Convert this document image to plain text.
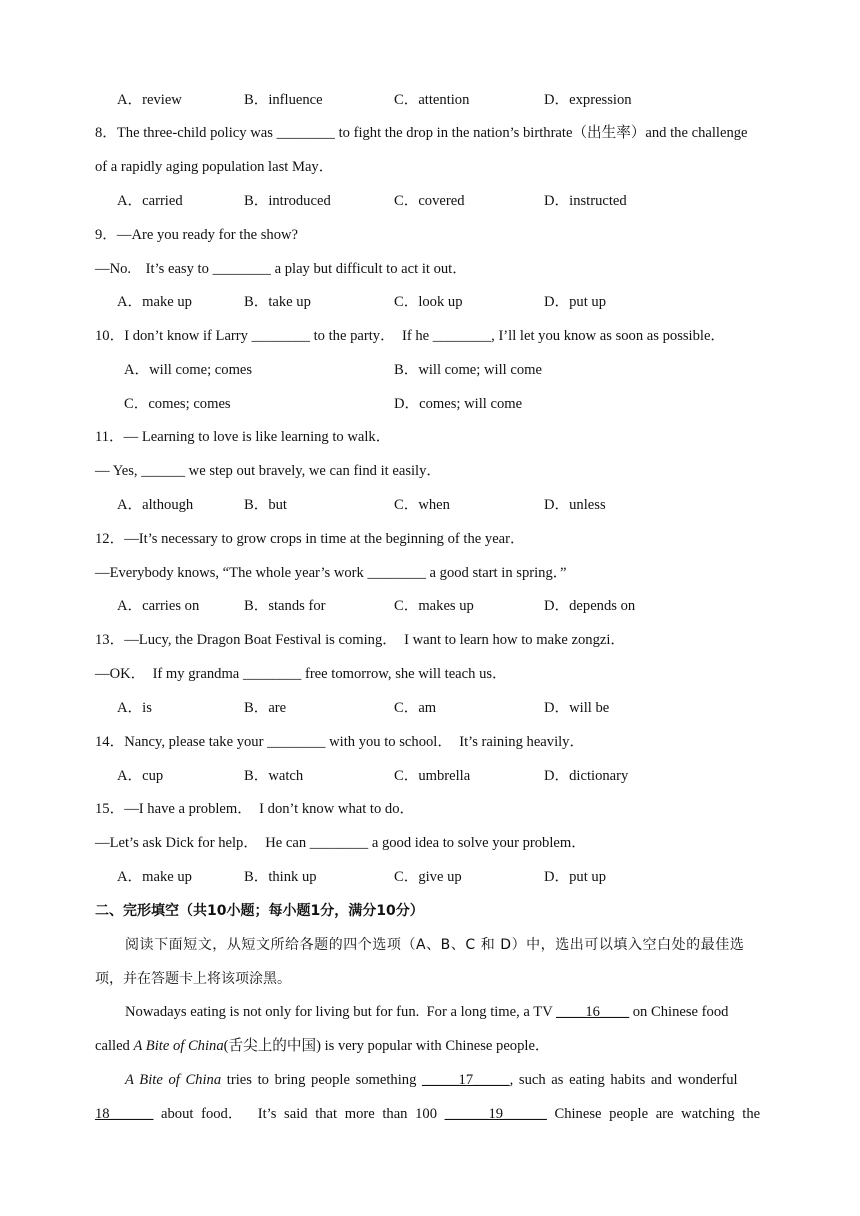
A．review	B．influence	C．attention	D．expression
8．The three-child policy was ________ to fight the drop in the nation’s birthrate（出生率）and the challenge
of a rapidly aging population last May．
A．carried	B．introduced	C．covered	D．instructed
9．—Are you ready for the show?
—No.    It’s easy to ________ a play but difficult to act it out．
A．make up	B．take up	C．look up	D．put up
10．I don’t know if Larry ________ to the party．  If he ________, I’ll let you know as soon as possible．
A．will come; comes	B．will come; will come
C．comes; comes	D．comes; will come
11．— Learning to love is like learning to walk．
— Yes, ______ we step out bravely, we can find it easily．
A．although	B．but	C．when	D．unless
12．—It’s necessary to grow crops in time at the beginning of the year．
—Everybody knows, “The whole year’s work ________ a good start in spring．”
A．carries on	B．stands for	C．makes up	D．depends on
13．—Lucy, the Dragon Boat Festival is coming．  I want to learn how to make zongzi．
—OK．  If my grandma ________ free tomorrow, she will teach us．
A．is	B．are	C．am	D．will be
14．Nancy, please take your ________ with you to school．  It’s raining heavily．
A．cup	B．watch	C．umbrella	D．dictionary
15．—I have a problem．  I don’t know what to do．
—Let’s ask Dick for help．  He can ________ a good idea to solve your problem．
A．make up	B．think up	C．give up	D．put up
二、完形填空（共10小题；每小题1分，满分10分）
阅读下面短文，从短文所给各题的四个选项（A、B、C 和 D）中，选出可以填入空白处的最佳选
项，并在答题卡上将该项涂黑。
Nowadays eating is not only for living but for fun.  For a long time, a TV ____16____ on Chinese food
called A Bite of China(舌尖上的中国) is very popular with Chinese people．
A Bite of China tries to bring people something _____17_____, such as eating habits and wonderful
18______ about food．  It’s said that more than 100 ______19______ Chinese people are watching the
